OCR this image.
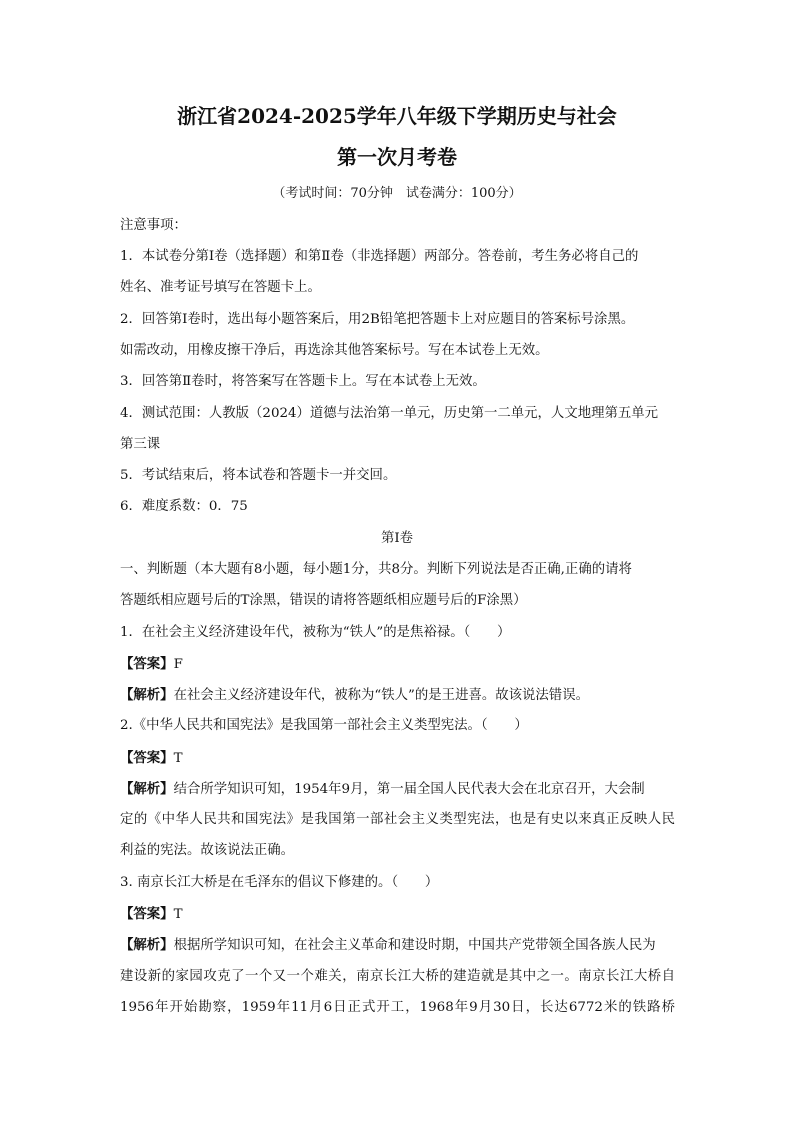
浙江省2024-2025学年八年级下学期历史与社会
第一次月考卷
（考试时间：70分钟　试卷满分：100分）
注意事项：
1．本试卷分第Ⅰ卷（选择题）和第Ⅱ卷（非选择题）两部分。答卷前，考生务必将自己的
姓名、准考证号填写在答题卡上。
2．回答第Ⅰ卷时，选出每小题答案后，用2B铅笔把答题卡上对应题目的答案标号涂黑。
如需改动，用橡皮擦干净后，再选涂其他答案标号。写在本试卷上无效。
3．回答第Ⅱ卷时，将答案写在答题卡上。写在本试卷上无效。
4．测试范围：人教版（2024）道德与法治第一单元，历史第一二单元，人文地理第五单元
第三课
5．考试结束后，将本试卷和答题卡一并交回。
6．难度系数：0．75
第Ⅰ卷
一、判断题（本大题有8小题，每小题1分，共8分。判断下列说法是否正确,正确的请将
答题纸相应题号后的T涂黑，错误的请将答题纸相应题号后的F涂黑）
1．在社会主义经济建设年代，被称为“铁人”的是焦裕禄。（　　）
【答案】F
【解析】在社会主义经济建设年代，被称为“铁人”的是王进喜。故该说法错误。
2.《中华人民共和国宪法》是我国第一部社会主义类型宪法。（　　）
【答案】T
【解析】结合所学知识可知，1954年9月，第一届全国人民代表大会在北京召开，大会制
定的《中华人民共和国宪法》是我国第一部社会主义类型宪法，也是有史以来真正反映人民
利益的宪法。故该说法正确。
3. 南京长江大桥是在毛泽东的倡议下修建的。（　　）
【答案】T
【解析】根据所学知识可知，在社会主义革命和建设时期，中国共产党带领全国各族人民为
建设新的家园攻克了一个又一个难关，南京长江大桥的建造就是其中之一。南京长江大桥自
1956年开始勘察，1959年11月6日正式开工，1968年9月30日，长达6772米的铁路桥
